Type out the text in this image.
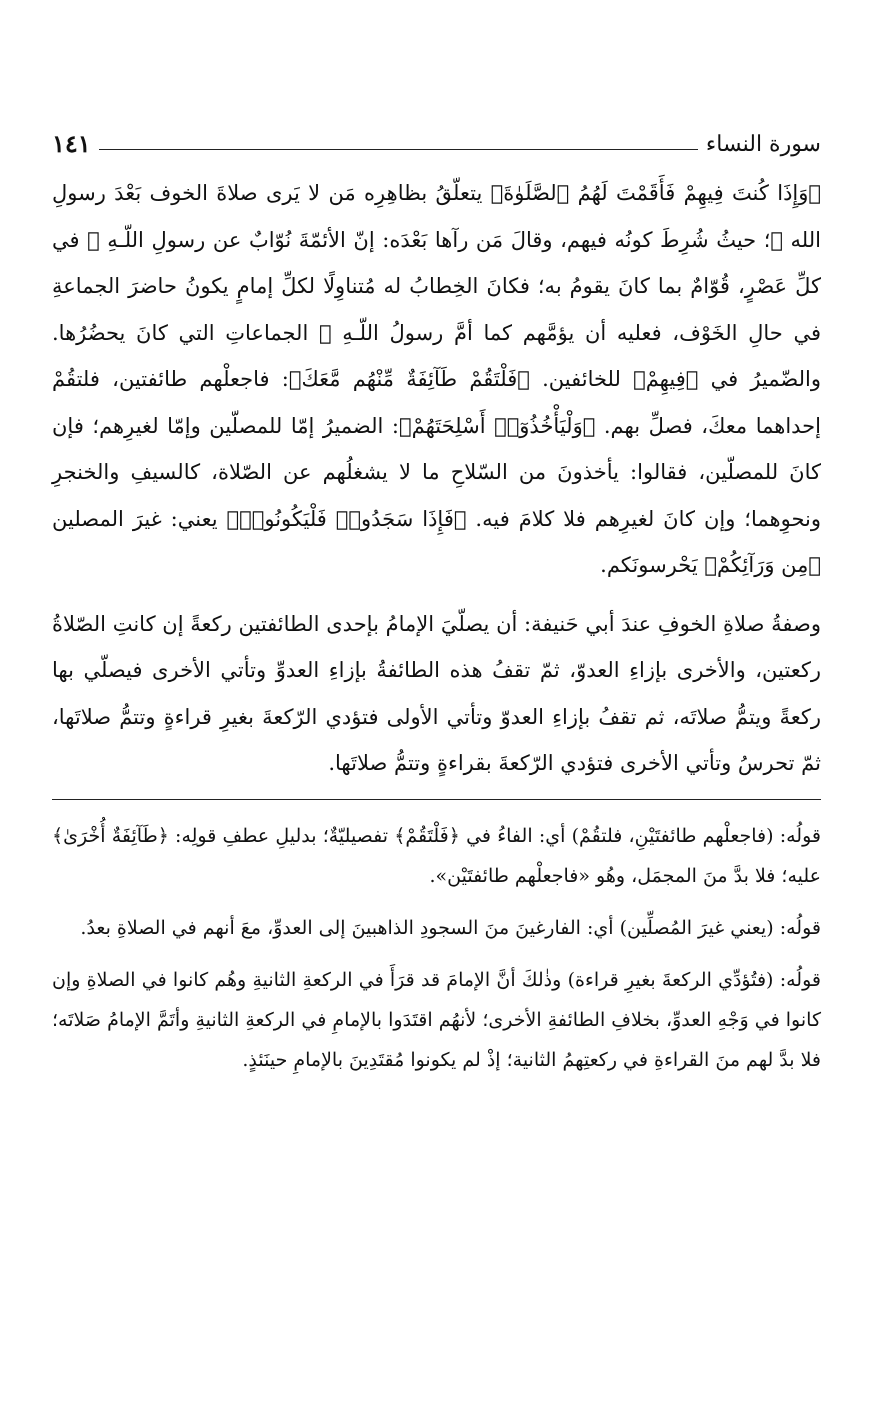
سورة النساء
١٤١

﴿وَإِذَا كُنتَ فِيهِمْ فَأَقَمْتَ لَهُمُ ٱلصَّلَوٰةَ﴾ يتعلّقُ بظاهِرِه مَن لا يَرى صلاةَ الخوف بَعْدَ رسولِ الله ﷺ؛ حيثُ شُرِطَ كونُه فيهم، وقالَ مَن رآها بَعْدَه: إنّ الأئمّةَ نُوّابٌ عن رسولِ اللّـهِ ﷺ في كلِّ عَصْرٍ، قُوّامٌ بما كانَ يقومُ به؛ فكانَ الخِطابُ له مُتناوِلًا لكلِّ إمامٍ يكونُ حاضرَ الجماعةِ في حالِ الخَوْف، فعليه أن يؤمَّهم كما أمَّ رسولُ اللّـهِ ﷺ الجماعاتِ التي كانَ يحضُرُها. والضّميرُ في ﴿فِيهِمْ﴾ للخائفين. ﴿فَلْتَقُمْ طَآئِفَةٌ مِّنْهُم مَّعَكَ﴾: فاجعلْهم طائفتين، فلتقُمْ إحداهما معكَ، فصلِّ بهم. ﴿وَلْيَأْخُذُوٓا۟ أَسْلِحَتَهُمْ﴾: الضميرُ إمّا للمصلّين وإمّا لغيرِهم؛ فإن كانَ للمصلّين، فقالوا: يأخذونَ من السّلاحِ ما لا يشغلُهم عن الصّلاة، كالسيفِ والخنجرِ ونحوِهما؛ وإن كانَ لغيرِهم فلا كلامَ فيه. ﴿فَإِذَا سَجَدُوا۟ فَلْيَكُونُوا۟﴾ يعني: غيرَ المصلين ﴿مِن وَرَآئِكُمْ﴾ يَحْرسونَكم.

وصفةُ صلاةِ الخوفِ عندَ أبي حَنيفة: أن يصلّيَ الإمامُ بإحدى الطائفتين ركعةً إن كانتِ الصّلاةُ ركعتين، والأخرى بإزاءِ العدوّ، ثمّ تقفُ هذه الطائفةُ بإزاءِ العدوِّ وتأتي الأخرى فيصلّي بها ركعةً ويتمُّ صلاتَه، ثم تقفُ بإزاءِ العدوّ وتأتي الأولى فتؤدي الرّكعةَ بغيرِ قراءةٍ وتتمُّ صلاتَها، ثمّ تحرسُ وتأتي الأخرى فتؤدي الرّكعةَ بقراءةٍ وتتمُّ صلاتَها.

قولُه: (فاجعلْهم طائفتَيْنِ، فلتقُمْ) أي: الفاءُ في ﴿فَلْتَقُمْ﴾ تفصيليّةٌ؛ بدليلِ عطفِ قولِه: ﴿طَآئِفَةٌ أُخْرَىٰ﴾ عليه؛ فلا بدَّ منَ المجمَل، وهُو «فاجعلْهم طائفتَيْن».

قولُه: (يعني غيرَ المُصلِّين) أي: الفارغينَ منَ السجودِ الذاهبينَ إلى العدوِّ، معَ أنهم في الصلاةِ بعدُ.

قولُه: (فتُؤدِّي الركعةَ بغيرِ قراءة) وذٰلكَ أنَّ الإمامَ قد قرَأَ في الركعةِ الثانيةِ وهُم كانوا في الصلاةِ وإن كانوا في وَجْهِ العدوِّ، بخلافِ الطائفةِ الأخرى؛ لأنهُم اقتَدَوا بالإمامِ في الركعةِ الثانيةِ وأتَمَّ الإمامُ صَلاتَه؛ فلا بدَّ لهم منَ القراءةِ في ركعتِهمُ الثانية؛ إذْ لم يكونوا مُقتَدِينَ بالإمامِ حينَئذٍ.
